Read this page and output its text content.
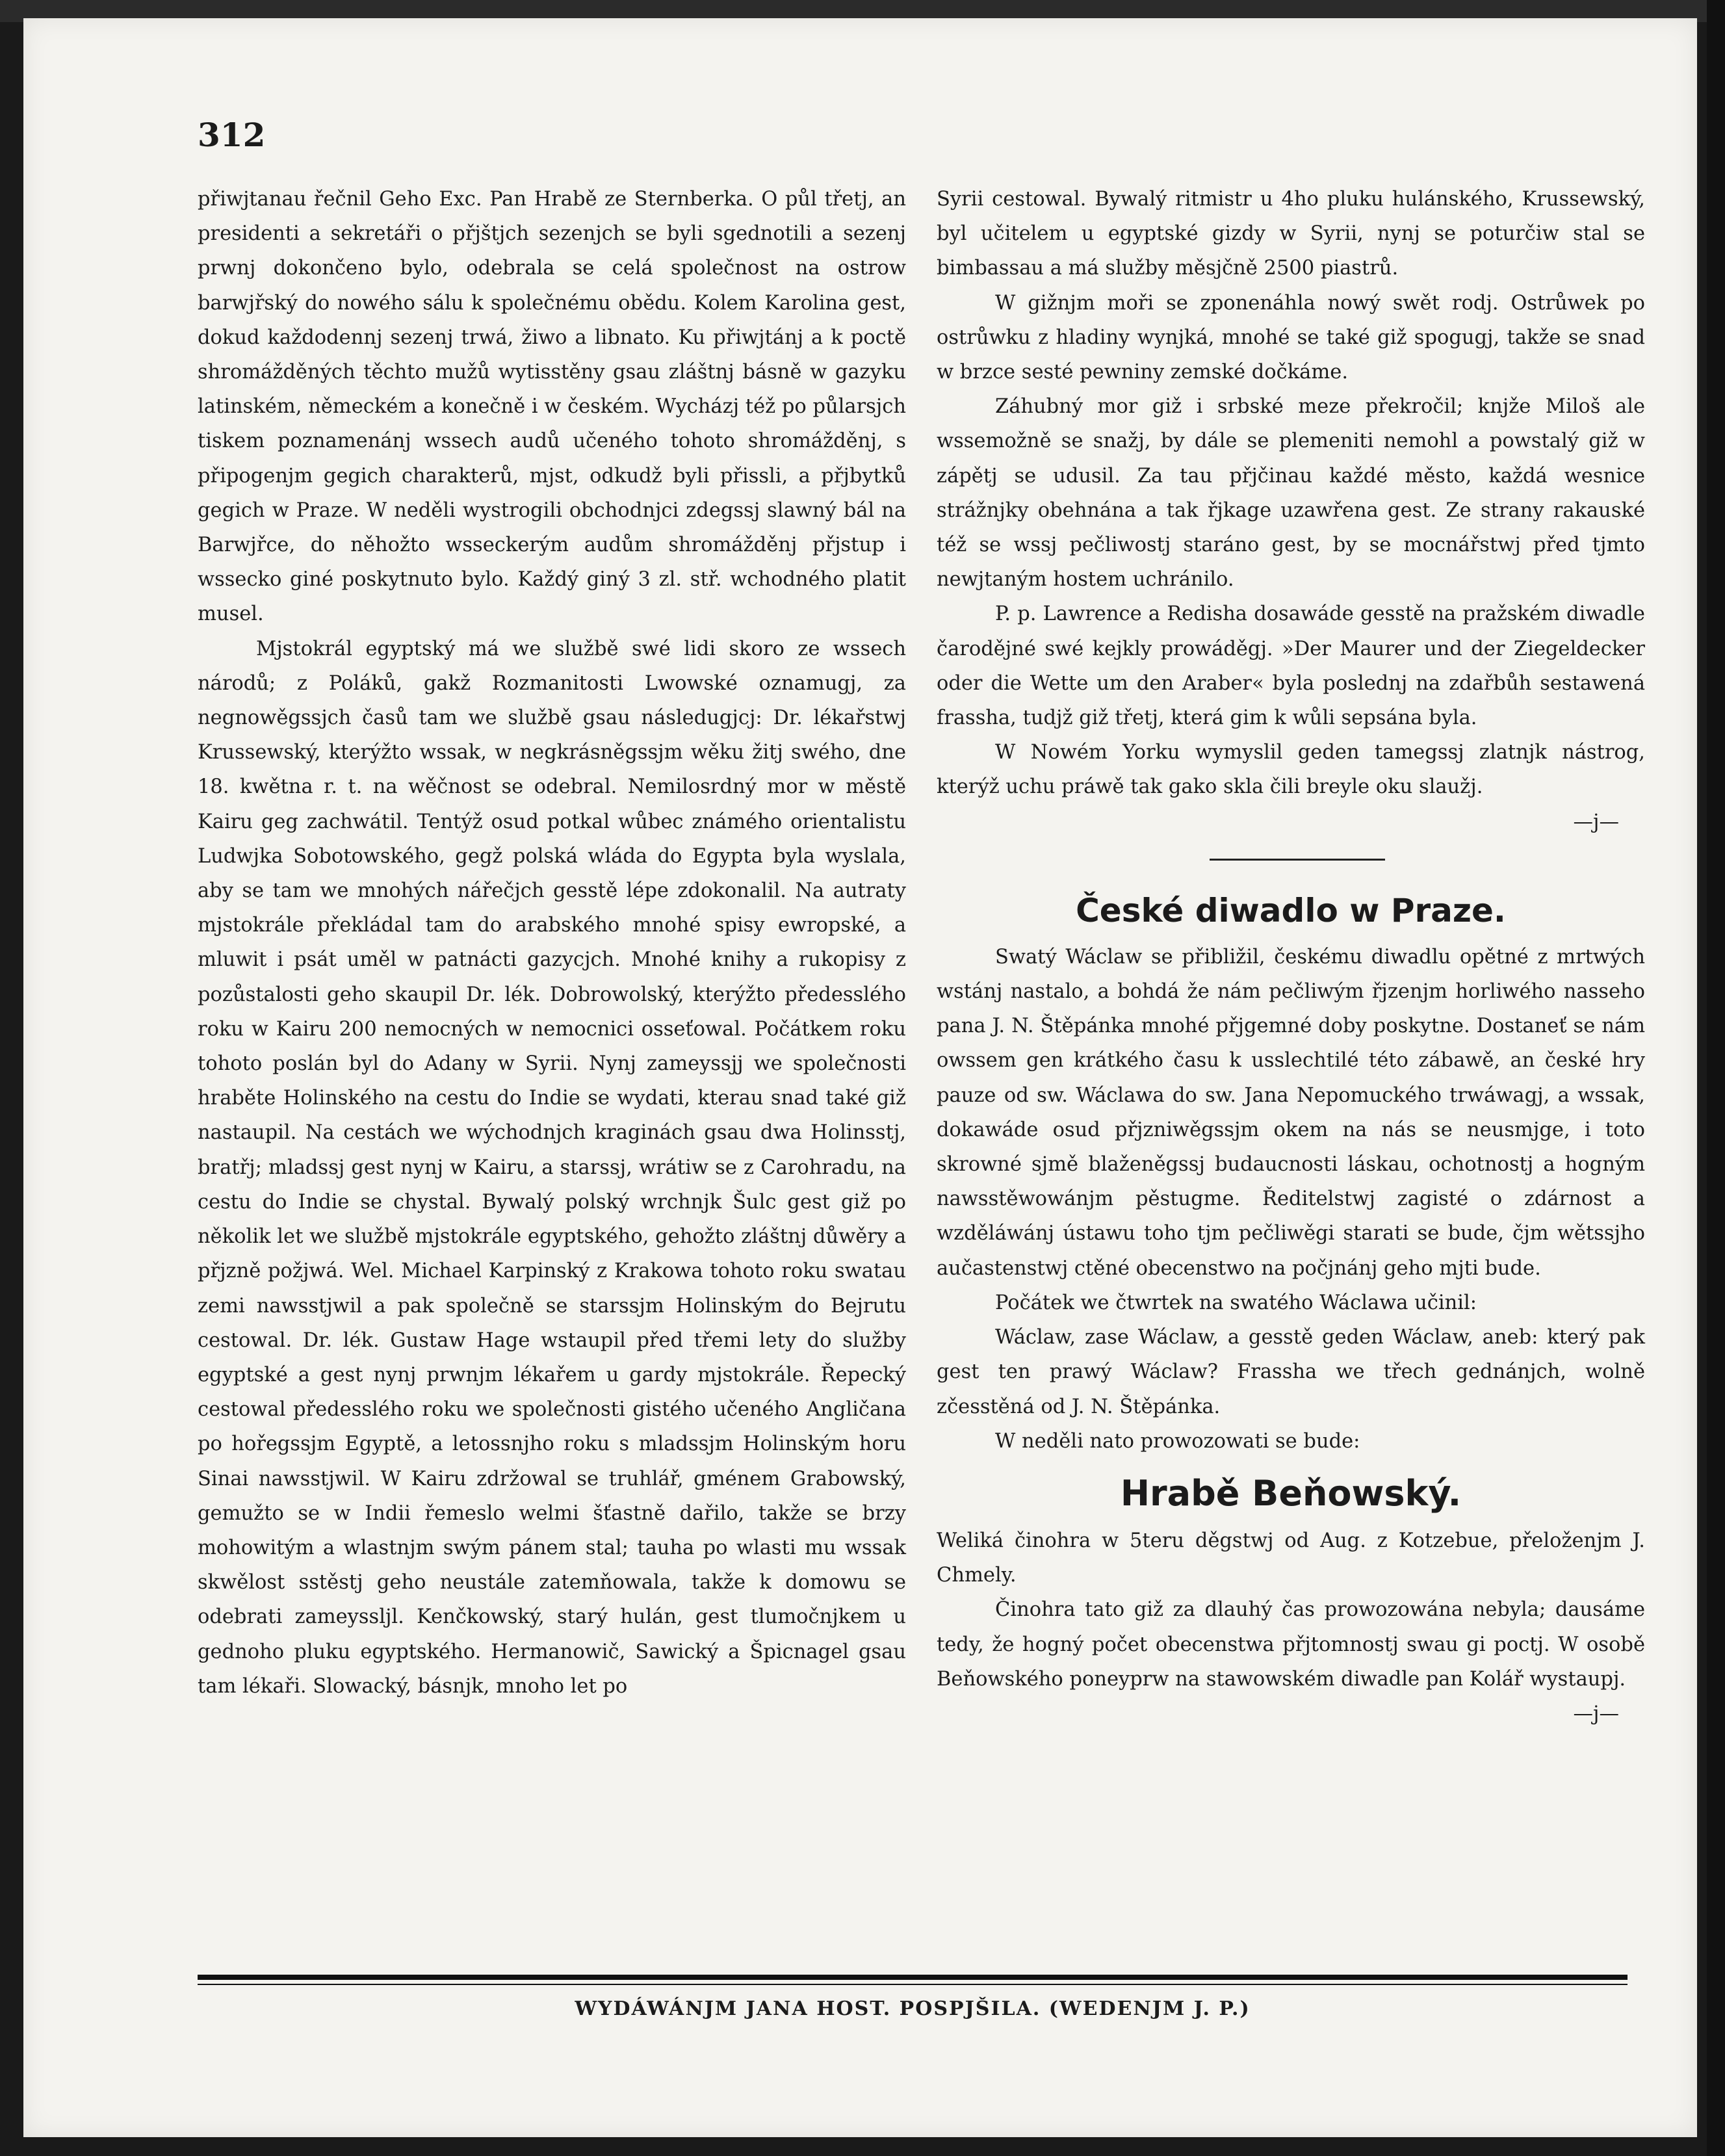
312

přiwjtanau řečnil Geho Exc. Pan Hrabě ze Sternberka. O půl třetj, an presidenti a sekretáři o přjštjch sezenjch se byli sgednotili a sezenj prwnj dokončeno bylo, odebrala se celá společnost na ostrow barwjřský do nowého sálu k společnému obědu. Kolem Karolina gest, dokud každodennj sezenj trwá, žiwo a libnato. Ku přiwjtánj a k poctě shromážděných těchto mužů wytisstěny gsau zláštnj básně w gazyku latinském, německém a konečně i w českém. Wycházj též po půlarsjch tiskem poznamenánj wssech audů učeného tohoto shromážděnj, s připogenjm gegich charakterů, mjst, odkudž byli přissli, a přjbytků gegich w Praze. W neděli wystrogili obchodnjci zdegssj slawný bál na Barwjřce, do něhožto wsseckerým audům shromážděnj přjstup i wssecko giné poskytnuto bylo. Každý giný 3 zl. stř. wchodného platit musel.

Mjstokrál egyptský má we službě swé lidi skoro ze wssech národů; z Poláků, gakž Rozmanitosti Lwowské oznamugj, za negnowěgssjch časů tam we službě gsau následugjcj: Dr. lékařstwj Krussewský, kterýžto wssak, w negkrásněgssjm wěku žitj swého, dne 18. kwětna r. t. na wěčnost se odebral. Nemilosrdný mor w městě Kairu geg zachwátil. Tentýž osud potkal wůbec známého orientalistu Ludwjka Sobotowského, gegž polská wláda do Egypta byla wyslala, aby se tam we mnohých nářečjch gesstě lépe zdokonalil. Na autraty mjstokrále překládal tam do arabského mnohé spisy ewropské, a mluwit i psát uměl w patnácti gazycjch. Mnohé knihy a rukopisy z pozůstalosti geho skaupil Dr. lék. Dobrowolský, kterýžto předesslého roku w Kairu 200 nemocných w nemocnici osseťowal. Počátkem roku tohoto poslán byl do Adany w Syrii. Nynj zameyssjj we společnosti hraběte Holinského na cestu do Indie se wydati, kterau snad také giž nastaupil. Na cestách we wýchodnjch kraginách gsau dwa Holinsstj, bratřj; mladssj gest nynj w Kairu, a starssj, wrátiw se z Carohradu, na cestu do Indie se chystal. Bywalý polský wrchnjk Šulc gest giž po několik let we službě mjstokrále egyptského, gehožto zláštnj důwěry a přjzně požjwá. Wel. Michael Karpinský z Krakowa tohoto roku swatau zemi nawsstjwil a pak společně se starssjm Holinským do Bejrutu cestowal. Dr. lék. Gustaw Hage wstaupil před třemi lety do služby egyptské a gest nynj prwnjm lékařem u gardy mjstokrále. Řepecký cestowal předesslého roku we společnosti gistého učeného Angličana po hořegssjm Egyptě, a letossnjho roku s mladssjm Holinským horu Sinai nawsstjwil. W Kairu zdržowal se truhlář, gménem Grabowský, gemužto se w Indii řemeslo welmi šťastně dařilo, takže se brzy mohowitým a wlastnjm swým pánem stal; tauha po wlasti mu wssak skwělost sstěstj geho neustále zatemňowala, takže k domowu se odebrati zameyssljl. Kenčkowský, starý hulán, gest tlumočnjkem u gednoho pluku egyptského. Hermanowič, Sawický a Špicnagel gsau tam lékaři. Slowacký, básnjk, mnoho let po

Syrii cestowal. Bywalý ritmistr u 4ho pluku hulánského, Krussewský, byl učitelem u egyptské gizdy w Syrii, nynj se poturčiw stal se bimbassau a má služby měsjčně 2500 piastrů.

W gižnjm moři se zponenáhla nowý swět rodj. Ostrůwek po ostrůwku z hladiny wynjká, mnohé se také giž spogugj, takže se snad w brzce sesté pewniny zemské dočkáme.

Záhubný mor giž i srbské meze překročil; knjže Miloš ale wssemožně se snažj, by dále se plemeniti nemohl a powstalý giž w zápětj se udusil. Za tau přjčinau každé město, každá wesnice strážnjky obehnána a tak řjkage uzawřena gest. Ze strany rakauské též se wssj pečliwostj staráno gest, by se mocnářstwj před tjmto newjtaným hostem uchránilo.

P. p. Lawrence a Redisha dosawáde gesstě na pražském diwadle čarodějné swé kejkly prowáděgj. »Der Maurer und der Ziegeldecker oder die Wette um den Araber« byla poslednj na zdařbůh sestawená frassha, tudjž giž třetj, která gim k wůli sepsána byla.

W Nowém Yorku wymyslil geden tamegssj zlatnjk nástrog, kterýž uchu práwě tak gako skla čili breyle oku slaužj.

—j—

České diwadlo w Praze.

Swatý Wáclaw se přibližil, českému diwadlu opětné z mrtwých wstánj nastalo, a bohdá že nám pečliwým řjzenjm horliwého nasseho pana J. N. Štěpánka mnohé přjgemné doby poskytne. Dostaneť se nám owssem gen krátkého času k usslechtilé této zábawě, an české hry pauze od sw. Wáclawa do sw. Jana Nepomuckého trwáwagj, a wssak, dokawáde osud přjzniwěgssjm okem na nás se neusmjge, i toto skrowné sjmě blaženěgssj budaucnosti láskau, ochotnostj a hogným nawsstěwowánjm pěstugme. Ředitelstwj zagisté o zdárnost a wzděláwánj ústawu toho tjm pečliwěgi starati se bude, čjm wětssjho aučastenstwj ctěné obecenstwo na počjnánj geho mjti bude.

Počátek we čtwrtek na swatého Wáclawa učinil:

Wáclaw, zase Wáclaw, a gesstě geden Wáclaw, aneb: který pak gest ten prawý Wáclaw? Frassha we třech gednánjch, wolně zčesstěná od J. N. Štěpánka.

W neděli nato prowozowati se bude:

Hrabě Beňowský.

Weliká činohra w 5teru děgstwj od Aug. z Kotzebue, přeloženjm J. Chmely.

Činohra tato giž za dlauhý čas prowozowána nebyla; dausáme tedy, že hogný počet obecenstwa přjtomnostj swau gi poctj. W osobě Beňowského poneyprw na stawowském diwadle pan Kolář wystaupj.

—j—

WYDÁWÁNJM JANA HOST. POSPJŠILA. (WEDENJM J. P.)
